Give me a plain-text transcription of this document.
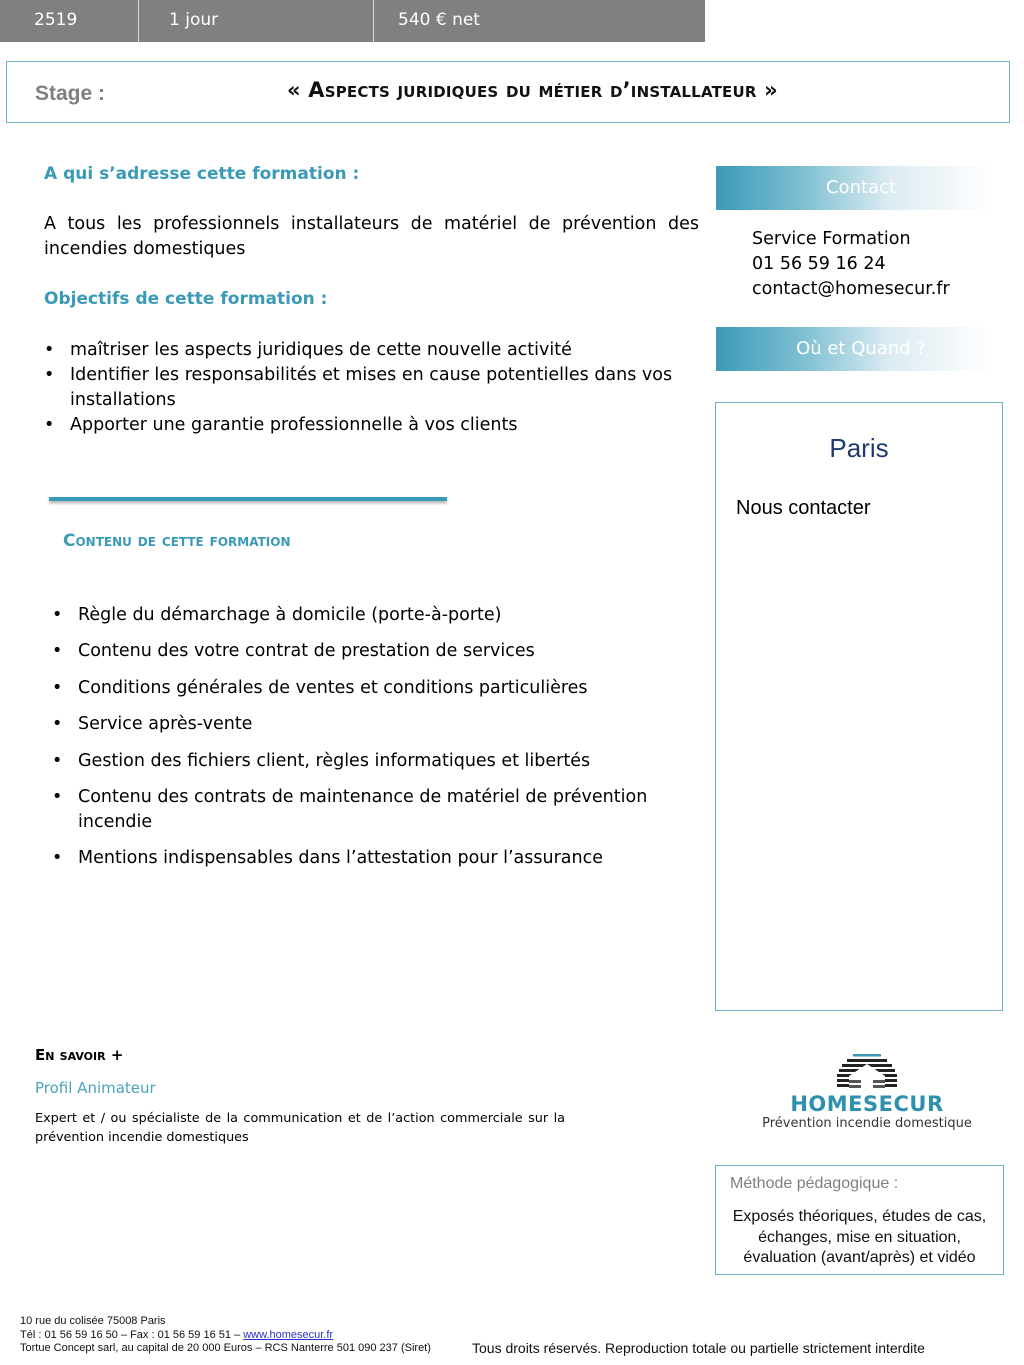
2519	1 jour	540 € net
Stage :	« Aspects juridiques du métier d’installateur »
A qui s’adresse cette formation :
A tous les professionnels installateurs de matériel de prévention des incendies domestiques
Objectifs de cette formation :
• maîtriser les aspects juridiques de cette nouvelle activité
• Identifier les responsabilités et mises en cause potentielles dans vos installations
• Apporter une garantie professionnelle à vos clients
Contenu de cette formation
• Règle du démarchage à domicile (porte-à-porte)
• Contenu des votre contrat de prestation de services
• Conditions générales de ventes et conditions particulières
• Service après-vente
• Gestion des fichiers client, règles informatiques et libertés
• Contenu des contrats de maintenance de matériel de prévention incendie
• Mentions indispensables dans l’attestation pour l’assurance
Contact
Service Formation
01 56 59 16 24
contact@homesecur.fr
Où et Quand ?
Paris
Nous contacter
En savoir +
Profil Animateur
Expert et / ou spécialiste de la communication et de l’action commerciale sur la prévention incendie domestiques
HOMESECUR
Prévention incendie domestique
Méthode pédagogique :
Exposés théoriques, études de cas, échanges, mise en situation, évaluation (avant/après) et vidéo
10 rue du colisée 75008 Paris
Tél : 01 56 59 16 50 – Fax : 01 56 59 16 51 – www.homesecur.fr
Tortue Concept sarl, au capital de 20 000 Euros – RCS Nanterre 501 090 237 (Siret)	Tous droits réservés. Reproduction totale ou partielle strictement interdite
